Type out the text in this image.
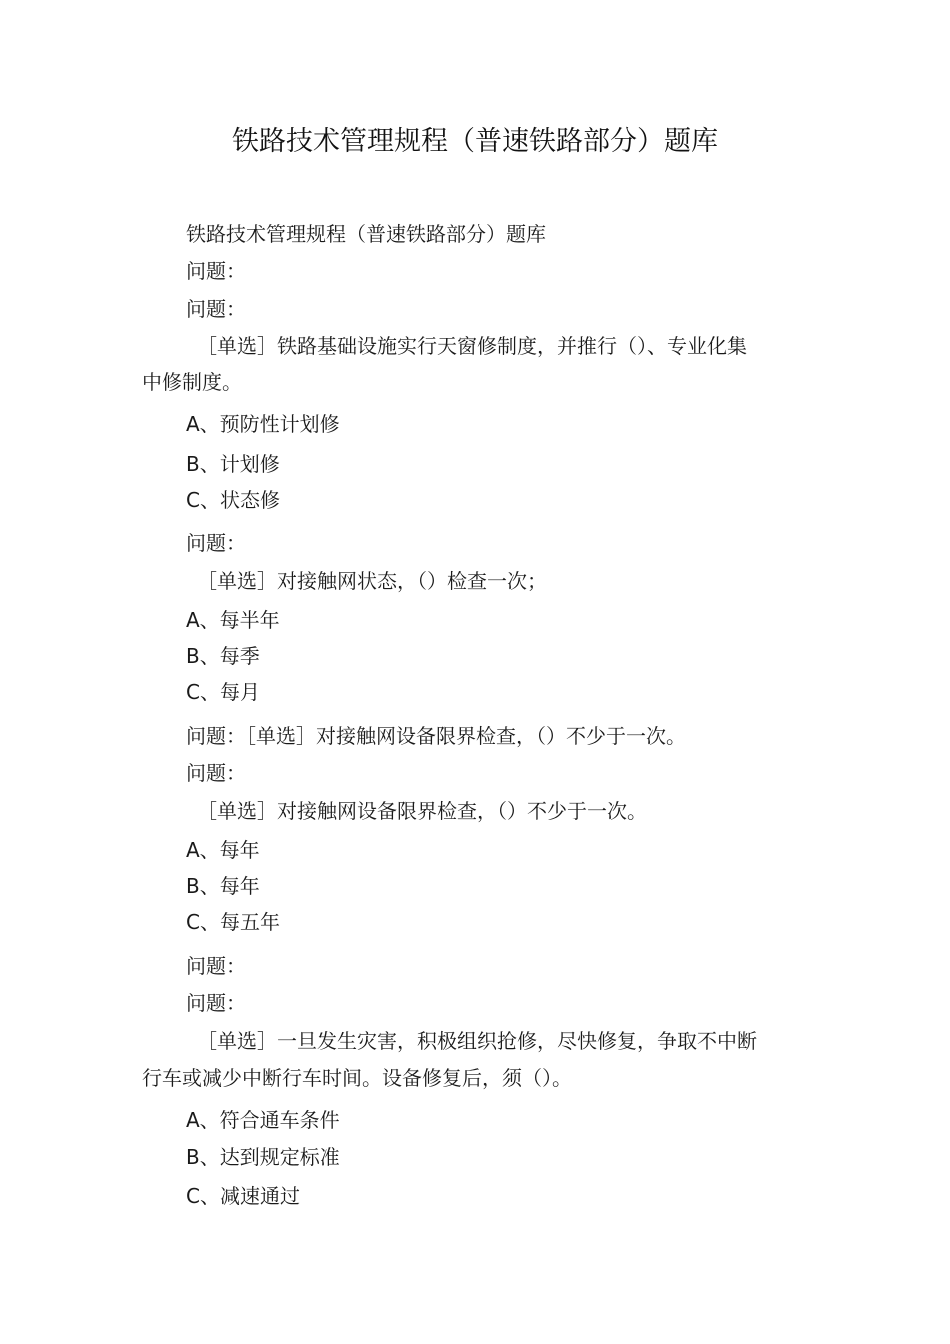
铁路技术管理规程（普速铁路部分）题库
铁路技术管理规程（普速铁路部分）题库
问题：
问题：
［单选］铁路基础设施实行天窗修制度，并推行（）、专业化集
中修制度。
A、预防性计划修
B、计划修
C、状态修
问题：
［单选］对接触网状态，（）检查一次；
A、每半年
B、每季
C、每月
问题：［单选］对接触网设备限界检查，（）不少于一次。
问题：
［单选］对接触网设备限界检查，（）不少于一次。
A、每年
B、每年
C、每五年
问题：
问题：
［单选］一旦发生灾害，积极组织抢修，尽快修复，争取不中断
行车或减少中断行车时间。设备修复后，须（）。
A、符合通车条件
B、达到规定标准
C、减速通过
